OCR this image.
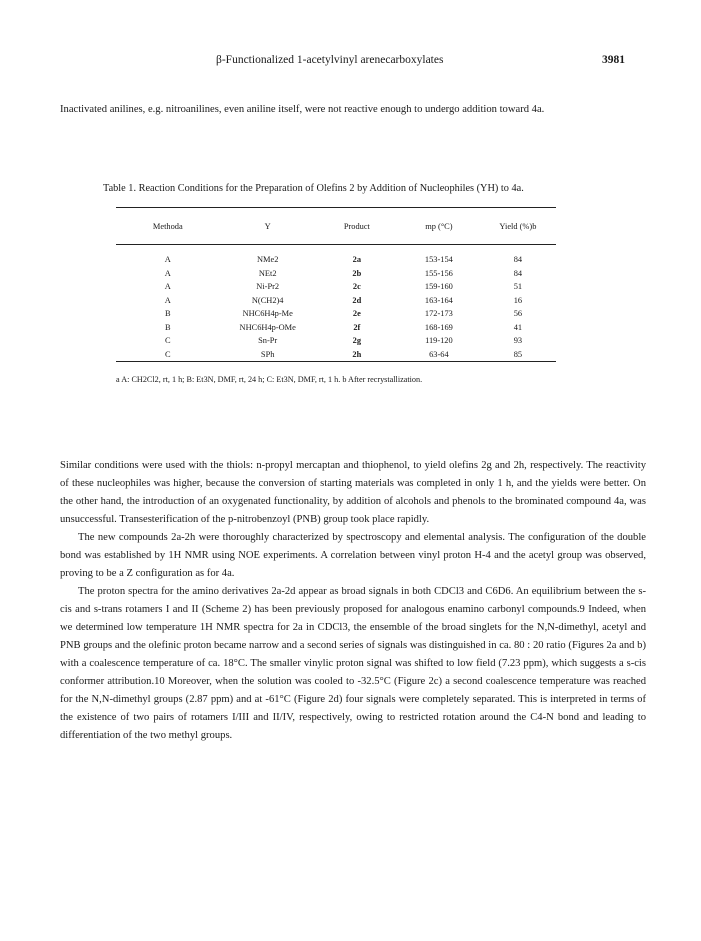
β-Functionalized 1-acetylvinyl arenecarboxylates	3981

Inactivated anilines, e.g. nitroanilines, even aniline itself, were not reactive enough to undergo addition toward 4a.

Table 1. Reaction Conditions for the Preparation of Olefins 2 by Addition of Nucleophiles (YH) to 4a.
Methoda	Y	Product	mp (°C)	Yield (%)b
A	NMe2	2a	153-154	84
A	NEt2	2b	155-156	84
A	Ni-Pr2	2c	159-160	51
A	N(CH2)4	2d	163-164	16
B	NHC6H4p-Me	2e	172-173	56
B	NHC6H4p-OMe	2f	168-169	41
C	Sn-Pr	2g	119-120	93
C	SPh	2h	63-64	85
a A: CH2Cl2, rt, 1 h; B: Et3N, DMF, rt, 24 h; C: Et3N, DMF, rt, 1 h. b After recrystallization.

Similar conditions were used with the thiols: n-propyl mercaptan and thiophenol, to yield olefins 2g and 2h, respectively. The reactivity of these nucleophiles was higher, because the conversion of starting materials was completed in only 1 h, and the yields were better. On the other hand, the introduction of an oxygenated functionality, by addition of alcohols and phenols to the brominated compound 4a, was unsuccessful. Transesterification of the p-nitrobenzoyl (PNB) group took place rapidly.

The new compounds 2a-2h were thoroughly characterized by spectroscopy and elemental analysis. The configuration of the double bond was established by 1H NMR using NOE experiments. A correlation between vinyl proton H-4 and the acetyl group was observed, proving to be a Z configuration as for 4a.

The proton spectra for the amino derivatives 2a-2d appear as broad signals in both CDCl3 and C6D6. An equilibrium between the s-cis and s-trans rotamers I and II (Scheme 2) has been previously proposed for analogous enamino carbonyl compounds.9 Indeed, when we determined low temperature 1H NMR spectra for 2a in CDCl3, the ensemble of the broad singlets for the N,N-dimethyl, acetyl and PNB groups and the olefinic proton became narrow and a second series of signals was distinguished in ca. 80 : 20 ratio (Figures 2a and b) with a coalescence temperature of ca. 18°C. The smaller vinylic proton signal was shifted to low field (7.23 ppm), which suggests a s-cis conformer attribution.10 Moreover, when the solution was cooled to -32.5°C (Figure 2c) a second coalescence temperature was reached for the N,N-dimethyl groups (2.87 ppm) and at -61°C (Figure 2d) four signals were completely separated. This is interpreted in terms of the existence of two pairs of rotamers I/III and II/IV, respectively, owing to restricted rotation around the C4-N bond and leading to differentiation of the two methyl groups.
